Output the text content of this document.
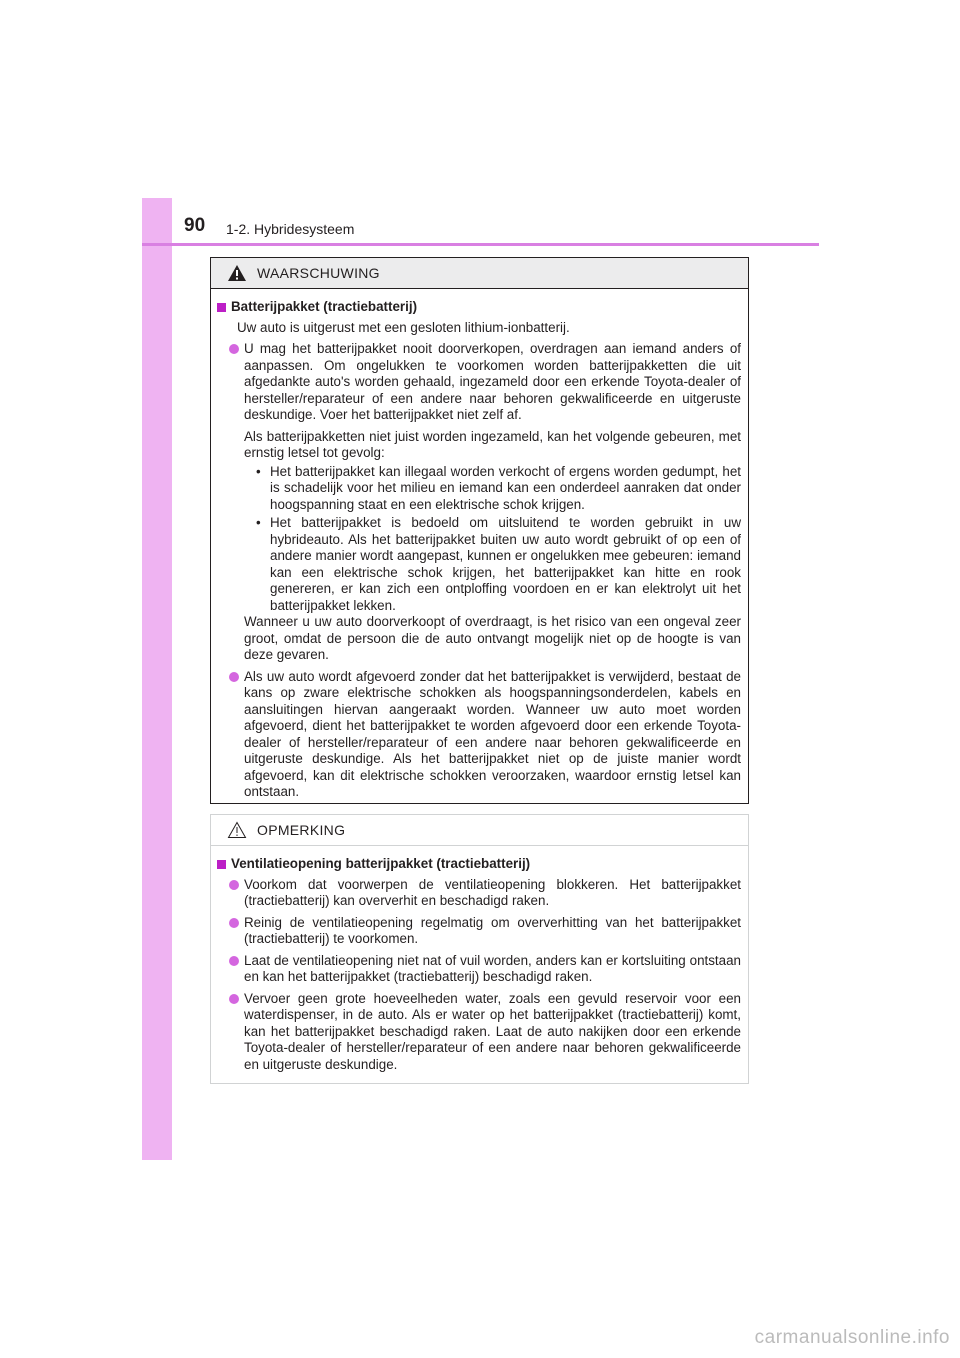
90 1-2. Hybridesysteem
WAARSCHUWING
Batterijpakket (tractiebatterij)
Uw auto is uitgerust met een gesloten lithium-ionbatterij.
U mag het batterijpakket nooit doorverkopen, overdragen aan iemand anders of aanpassen. Om ongelukken te voorkomen worden batterijpakketten die uit afgedankte auto's worden gehaald, ingezameld door een erkende Toyota-dealer of hersteller/reparateur of een andere naar behoren gekwalificeerde en uitgeruste deskundige. Voer het batterijpakket niet zelf af.
Als batterijpakketten niet juist worden ingezameld, kan het volgende gebeuren, met ernstig letsel tot gevolg:
• Het batterijpakket kan illegaal worden verkocht of ergens worden gedumpt, het is schadelijk voor het milieu en iemand kan een onderdeel aanraken dat onder hoogspanning staat en een elektrische schok krijgen.
• Het batterijpakket is bedoeld om uitsluitend te worden gebruikt in uw hybrideauto. Als het batterijpakket buiten uw auto wordt gebruikt of op een of andere manier wordt aangepast, kunnen er ongelukken mee gebeuren: iemand kan een elektrische schok krijgen, het batterijpakket kan hitte en rook genereren, er kan zich een ontploffing voordoen en er kan elektrolyt uit het batterijpakket lekken.
Wanneer u uw auto doorverkoopt of overdraagt, is het risico van een ongeval zeer groot, omdat de persoon die de auto ontvangt mogelijk niet op de hoogte is van deze gevaren.
Als uw auto wordt afgevoerd zonder dat het batterijpakket is verwijderd, bestaat de kans op zware elektrische schokken als hoogspanningsonderdelen, kabels en aansluitingen hiervan aangeraakt worden. Wanneer uw auto moet worden afgevoerd, dient het batterijpakket te worden afgevoerd door een erkende Toyota-dealer of hersteller/reparateur of een andere naar behoren gekwalificeerde en uitgeruste deskundige. Als het batterijpakket niet op de juiste manier wordt afgevoerd, kan dit elektrische schokken veroorzaken, waardoor ernstig letsel kan ontstaan.
OPMERKING
Ventilatieopening batterijpakket (tractiebatterij)
Voorkom dat voorwerpen de ventilatieopening blokkeren. Het batterijpakket (tractiebatterij) kan oververhit en beschadigd raken.
Reinig de ventilatieopening regelmatig om oververhitting van het batterijpakket (tractiebatterij) te voorkomen.
Laat de ventilatieopening niet nat of vuil worden, anders kan er kortsluiting ontstaan en kan het batterijpakket (tractiebatterij) beschadigd raken.
Vervoer geen grote hoeveelheden water, zoals een gevuld reservoir voor een waterdispenser, in de auto. Als er water op het batterijpakket (tractiebatterij) komt, kan het batterijpakket beschadigd raken. Laat de auto nakijken door een erkende Toyota-dealer of hersteller/reparateur of een andere naar behoren gekwalificeerde en uitgeruste deskundige.
carmanualsonline.info
